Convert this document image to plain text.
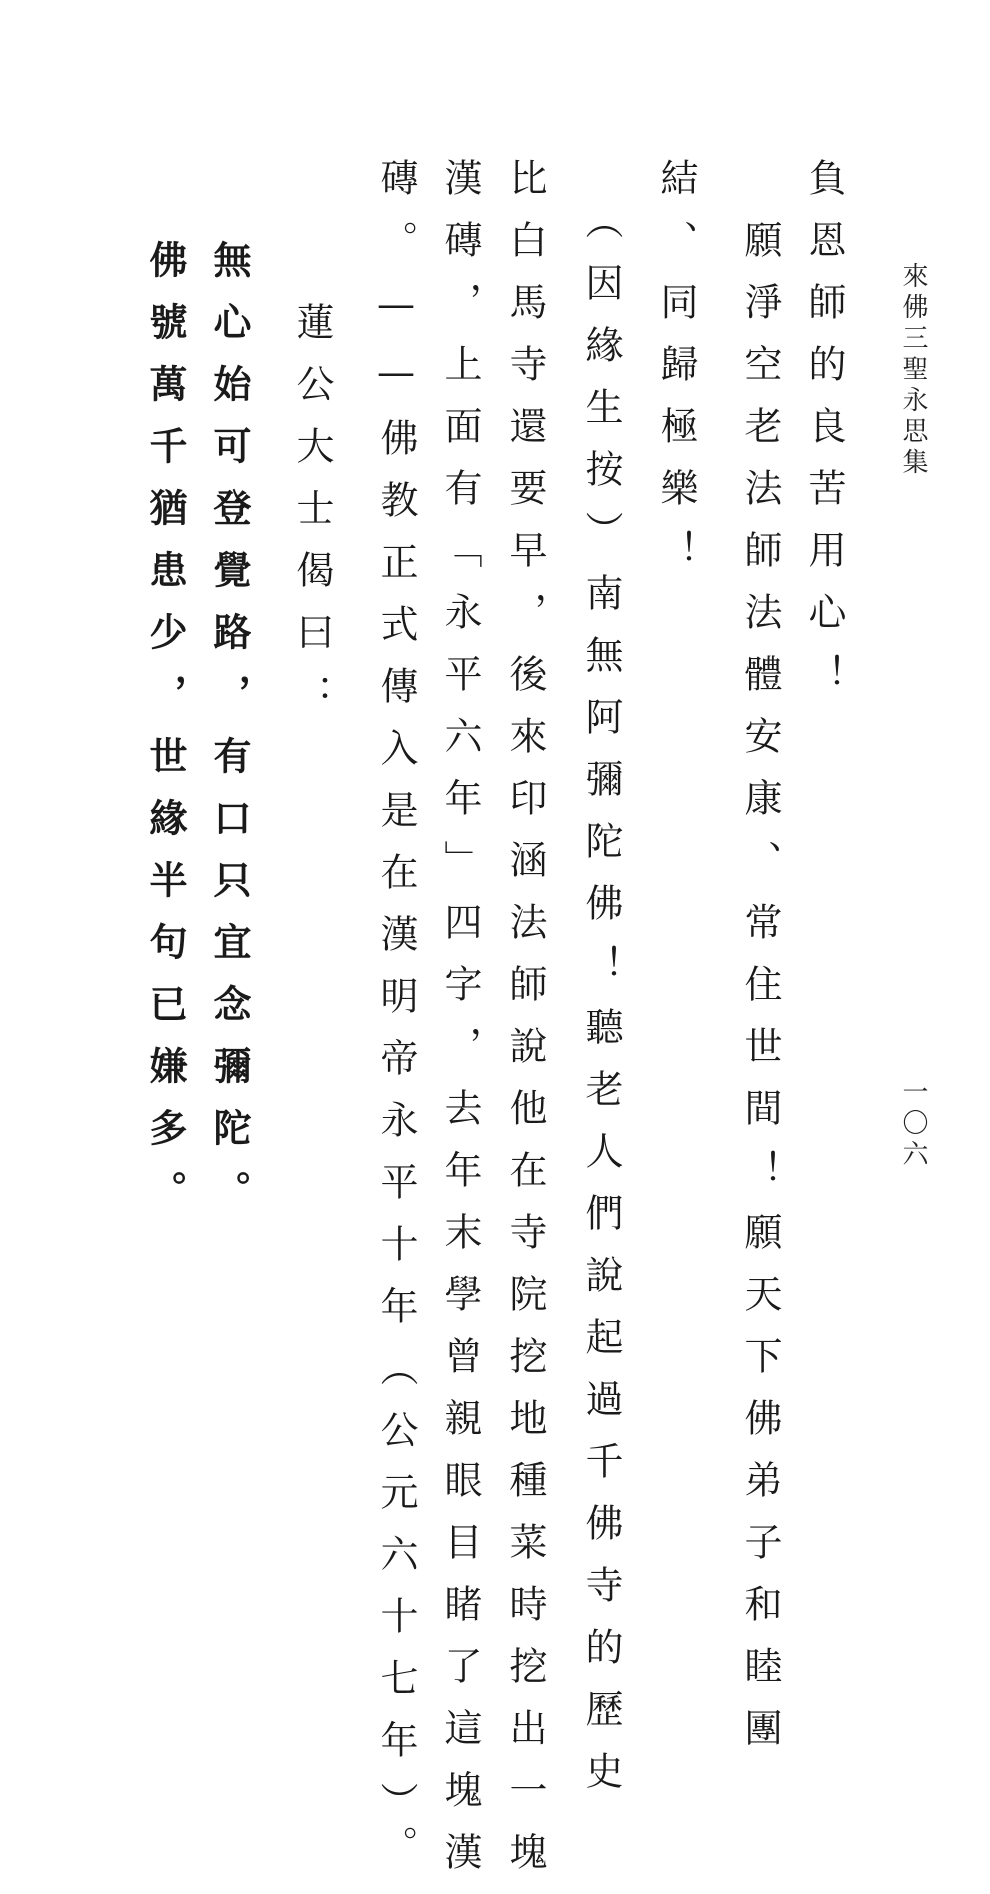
來佛三聖永思集
一〇六
負恩師的良苦用心！
　願淨空老法師法體安康、常住世間！願天下佛弟子和睦團
結、同歸極樂！
　（因緣生按）南無阿彌陀佛！聽老人們說起過千佛寺的歷史
比白馬寺還要早，後來印涵法師說他在寺院挖地種菜時挖出一塊
漢磚，上面有「永平六年」四字，去年末學曾親眼目睹了這塊漢
磚。——佛教正式傳入是在漢明帝永平十年（公元六十七年）。
　蓮公大士偈曰：
無心始可登覺路，有口只宜念彌陀。
佛號萬千猶患少，世緣半句已嫌多。
